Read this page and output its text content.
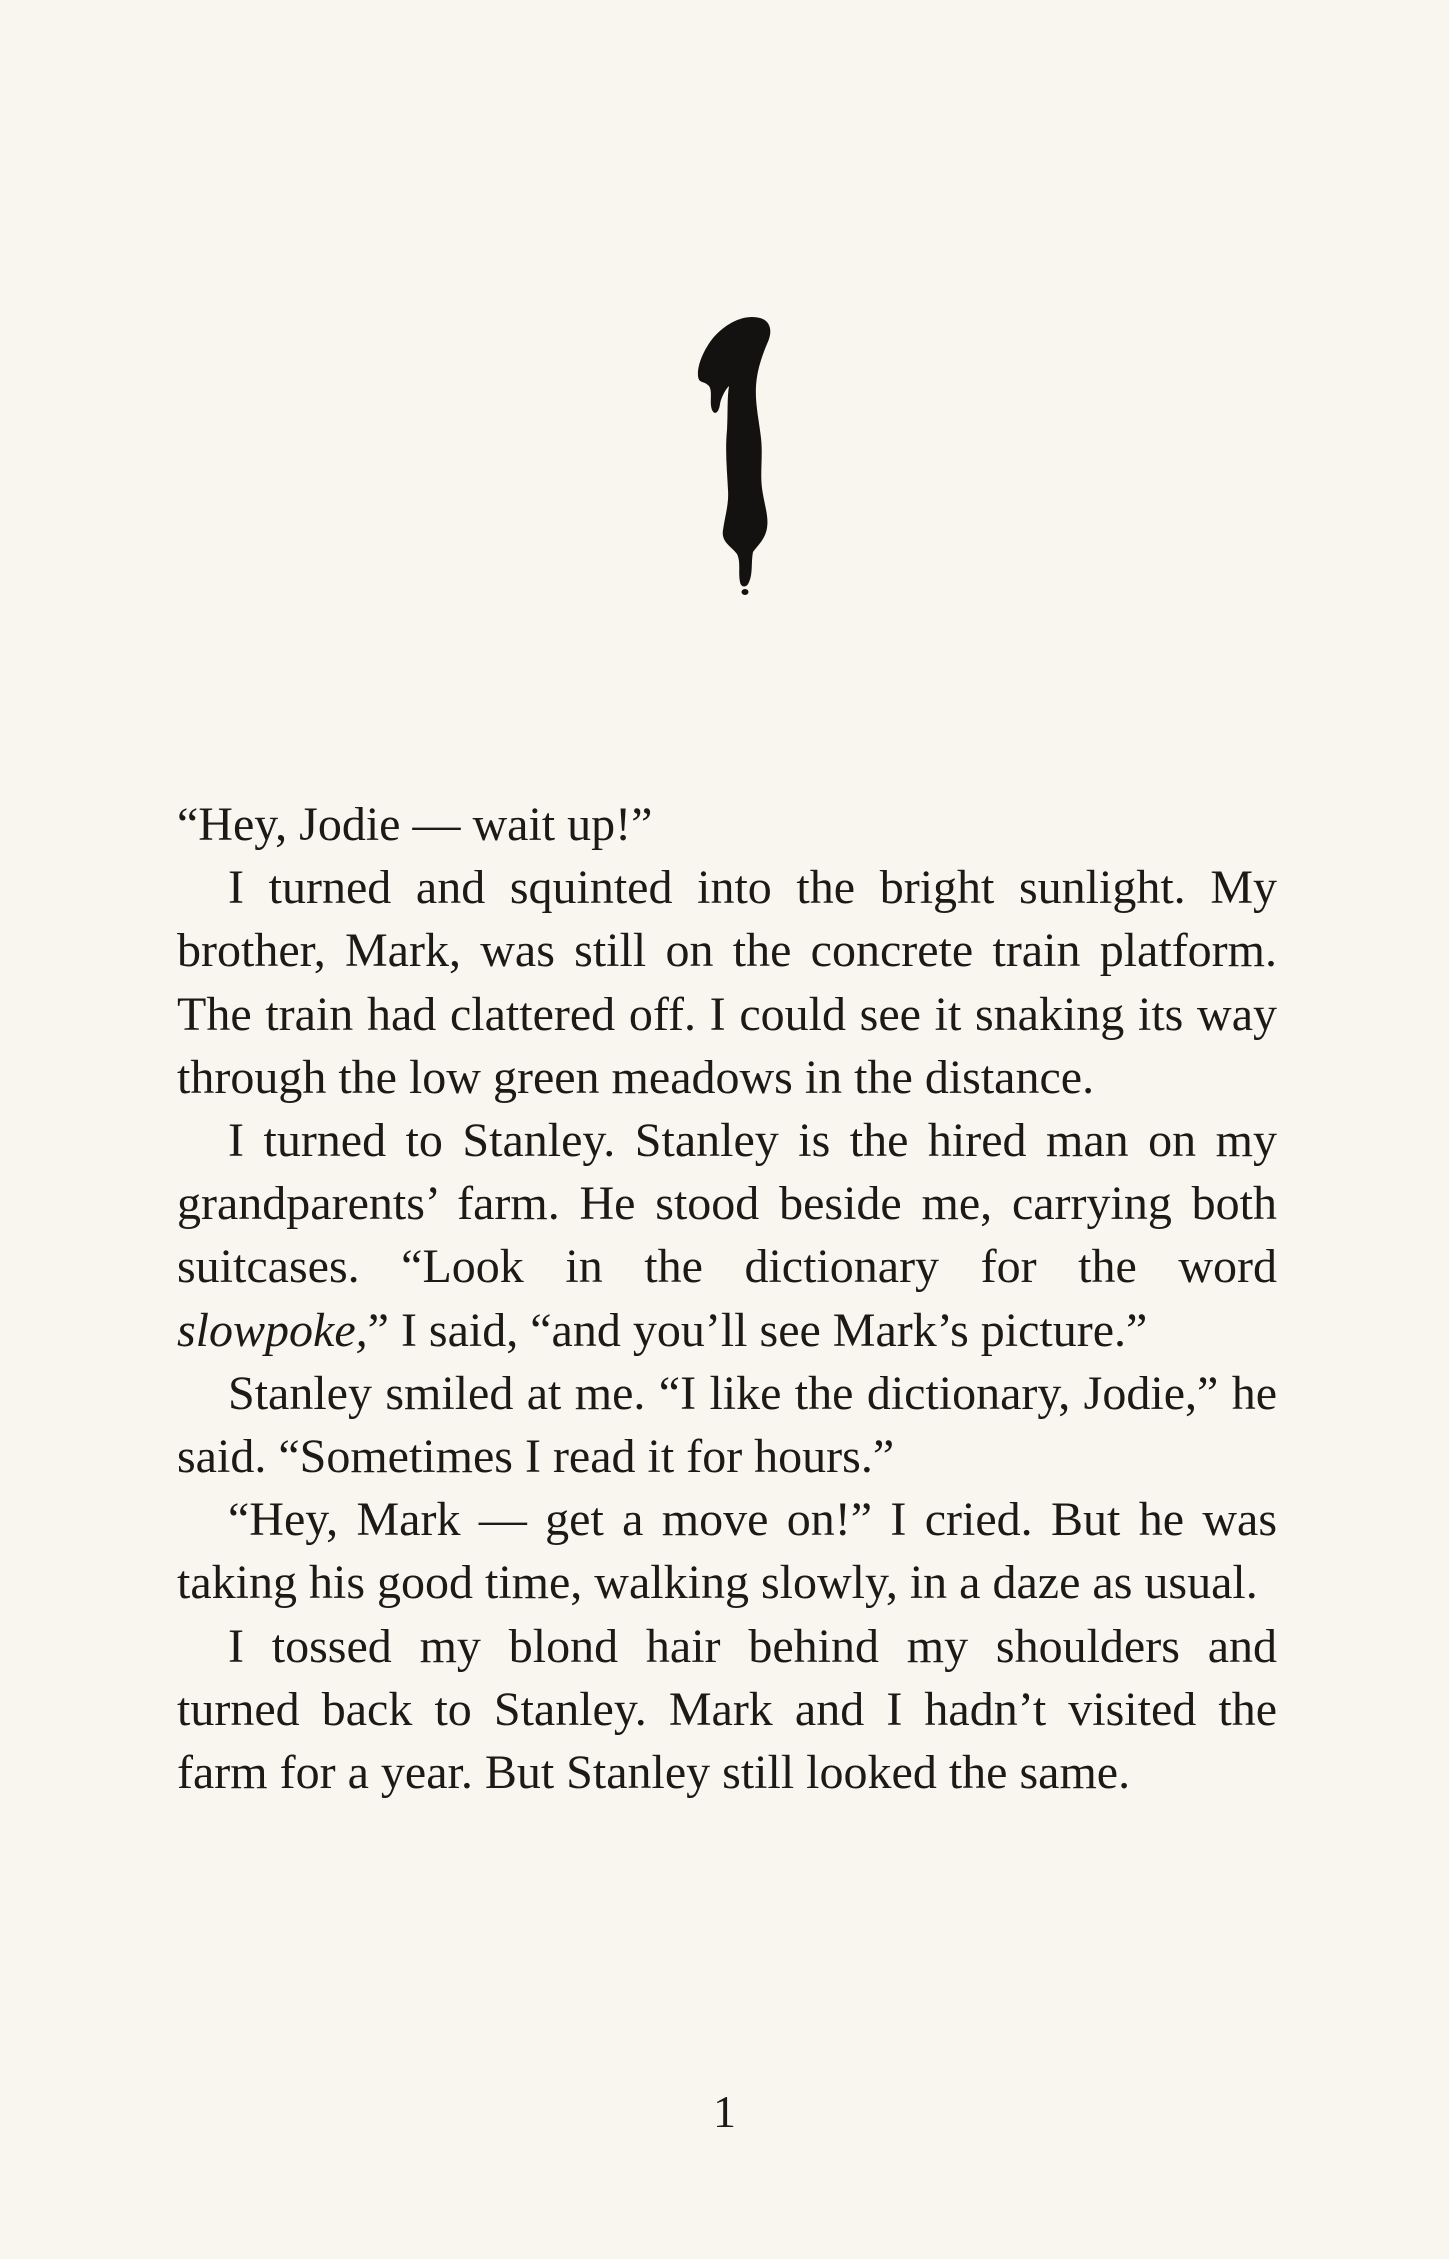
“Hey, Jodie — wait up!”

I turned and squinted into the bright sunlight. My brother, Mark, was still on the concrete train platform. The train had clattered off. I could see it snaking its way through the low green meadows in the distance.

I turned to Stanley. Stanley is the hired man on my grandparents’ farm. He stood beside me, carrying both suitcases. “Look in the dictionary for the word slowpoke,” I said, “and you’ll see Mark’s picture.”

Stanley smiled at me. “I like the dictionary, Jodie,” he said. “Sometimes I read it for hours.”

“Hey, Mark — get a move on!” I cried. But he was taking his good time, walking slowly, in a daze as usual.

I tossed my blond hair behind my shoulders and turned back to Stanley. Mark and I hadn’t visited the farm for a year. But Stanley still looked the same.

1
